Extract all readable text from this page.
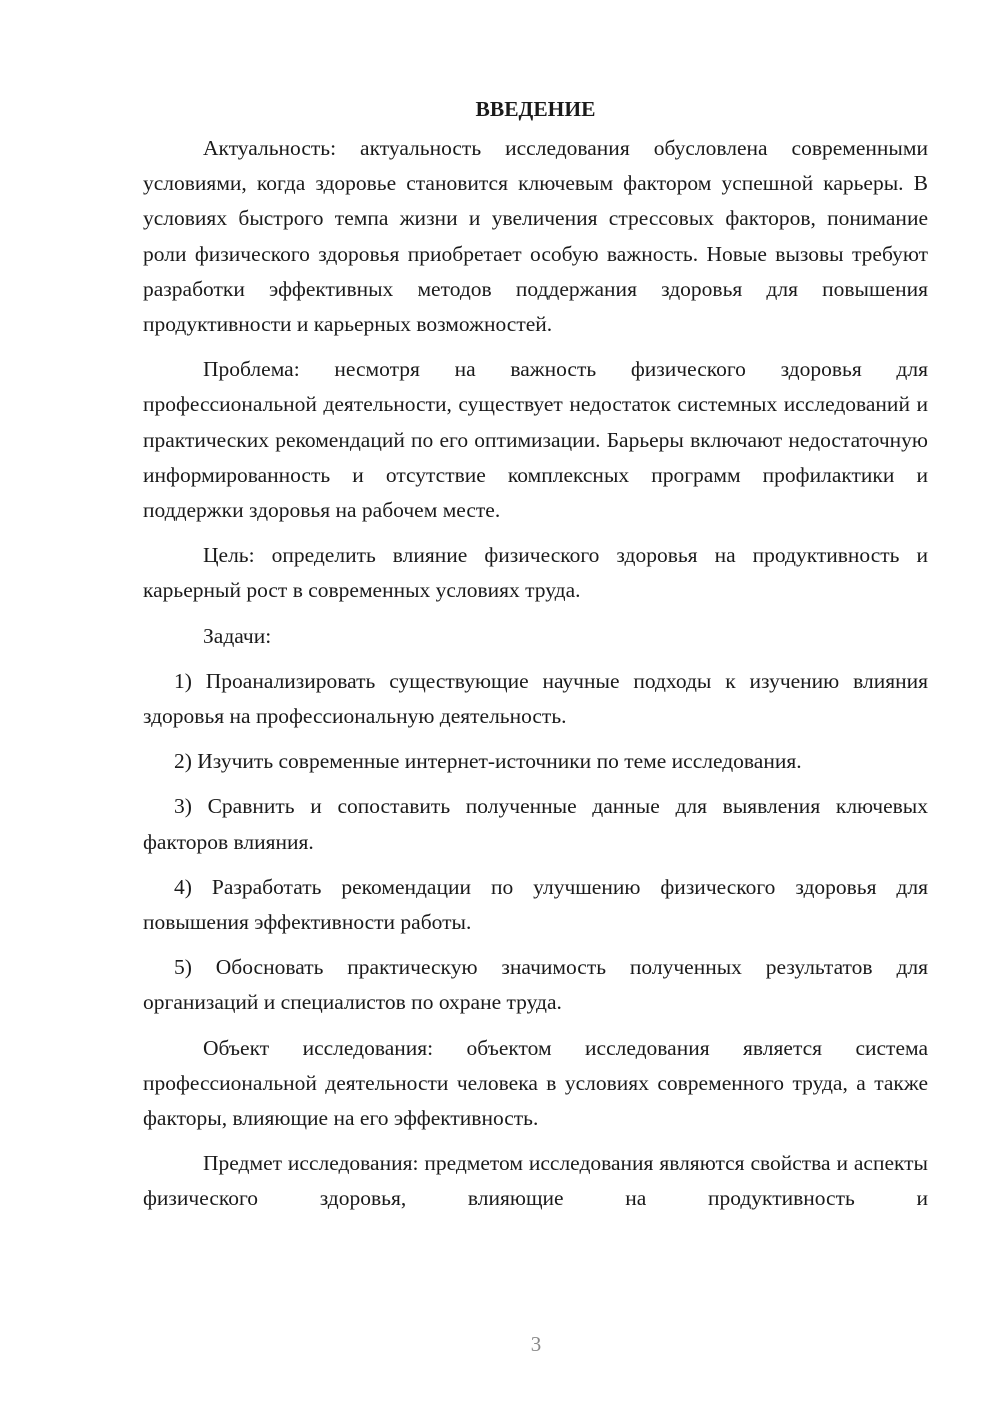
ВВЕДЕНИЕ

Актуальность: актуальность исследования обусловлена современными условиями, когда здоровье становится ключевым фактором успешной карьеры. В условиях быстрого темпа жизни и увеличения стрессовых факторов, понимание роли физического здоровья приобретает особую важность. Новые вызовы требуют разработки эффективных методов поддержания здоровья для повышения продуктивности и карьерных возможностей.

Проблема: несмотря на важность физического здоровья для профессиональной деятельности, существует недостаток системных исследований и практических рекомендаций по его оптимизации. Барьеры включают недостаточную информированность и отсутствие комплексных программ профилактики и поддержки здоровья на рабочем месте.

Цель: определить влияние физического здоровья на продуктивность и карьерный рост в современных условиях труда.

Задачи:

1) Проанализировать существующие научные подходы к изучению влияния здоровья на профессиональную деятельность.

2) Изучить современные интернет-источники по теме исследования.

3) Сравнить и сопоставить полученные данные для выявления ключевых факторов влияния.

4) Разработать рекомендации по улучшению физического здоровья для повышения эффективности работы.

5) Обосновать практическую значимость полученных результатов для организаций и специалистов по охране труда.

Объект исследования: объектом исследования является система профессиональной деятельности человека в условиях современного труда, а также факторы, влияющие на его эффективность.

Предмет исследования: предметом исследования являются свойства и аспекты физического здоровья, влияющие на продуктивность и

3
